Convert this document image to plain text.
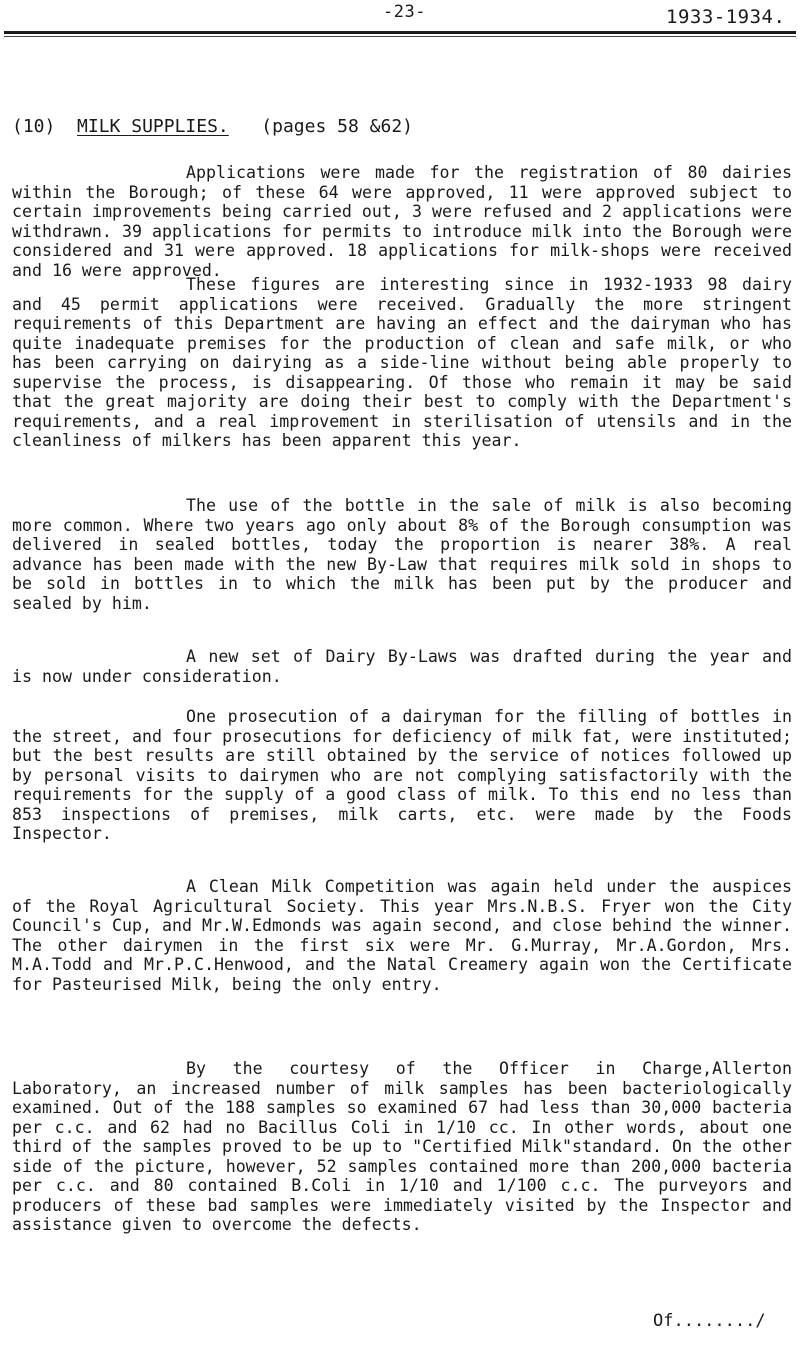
-23-	1933-1934.
(10) MILK SUPPLIES. (pages 58 &62)

Applications were made for the registration of 80 dairies within the Borough; of these 64 were approved, 11 were approved subject to certain improvements being carried out, 3 were refused and 2 applications were withdrawn. 39 applications for permits to introduce milk into the Borough were considered and 31 were approved. 18 applications for milk-shops were received and 16 were approved.

These figures are interesting since in 1932-1933 98 dairy and 45 permit applications were received. Gradually the more stringent requirements of this Department are having an effect and the dairyman who has quite inadequate premises for the production of clean and safe milk, or who has been carrying on dairying as a side-line without being able properly to supervise the process, is disappearing. Of those who remain it may be said that the great majority are doing their best to comply with the Department's requirements, and a real improvement in sterilisation of utensils and in the cleanliness of milkers has been apparent this year.

The use of the bottle in the sale of milk is also becoming more common. Where two years ago only about 8% of the Borough consumption was delivered in sealed bottles, today the proportion is nearer 38%. A real advance has been made with the new By-Law that requires milk sold in shops to be sold in bottles in to which the milk has been put by the producer and sealed by him.

A new set of Dairy By-Laws was drafted during the year and is now under consideration.

One prosecution of a dairyman for the filling of bottles in the street, and four prosecutions for deficiency of milk fat, were instituted; but the best results are still obtained by the service of notices followed up by personal visits to dairymen who are not complying satisfactorily with the requirements for the supply of a good class of milk. To this end no less than 853 inspections of premises, milk carts, etc. were made by the Foods Inspector.

A Clean Milk Competition was again held under the auspices of the Royal Agricultural Society. This year Mrs.N.B.S. Fryer won the City Council's Cup, and Mr.W.Edmonds was again second, and close behind the winner. The other dairymen in the first six were Mr. G.Murray, Mr.A.Gordon, Mrs. M.A.Todd and Mr.P.C.Henwood, and the Natal Creamery again won the Certificate for Pasteurised Milk, being the only entry.

By the courtesy of the Officer in Charge,Allerton Laboratory, an increased number of milk samples has been bacteriologically examined. Out of the 188 samples so examined 67 had less than 30,000 bacteria per c.c. and 62 had no Bacillus Coli in 1/10 cc. In other words, about one third of the samples proved to be up to "Certified Milk"standard. On the other side of the picture, however, 52 samples contained more than 200,000 bacteria per c.c. and 80 contained B.Coli in 1/10 and 1/100 c.c. The purveyors and producers of these bad samples were immediately visited by the Inspector and assistance given to overcome the defects.

Of......../
